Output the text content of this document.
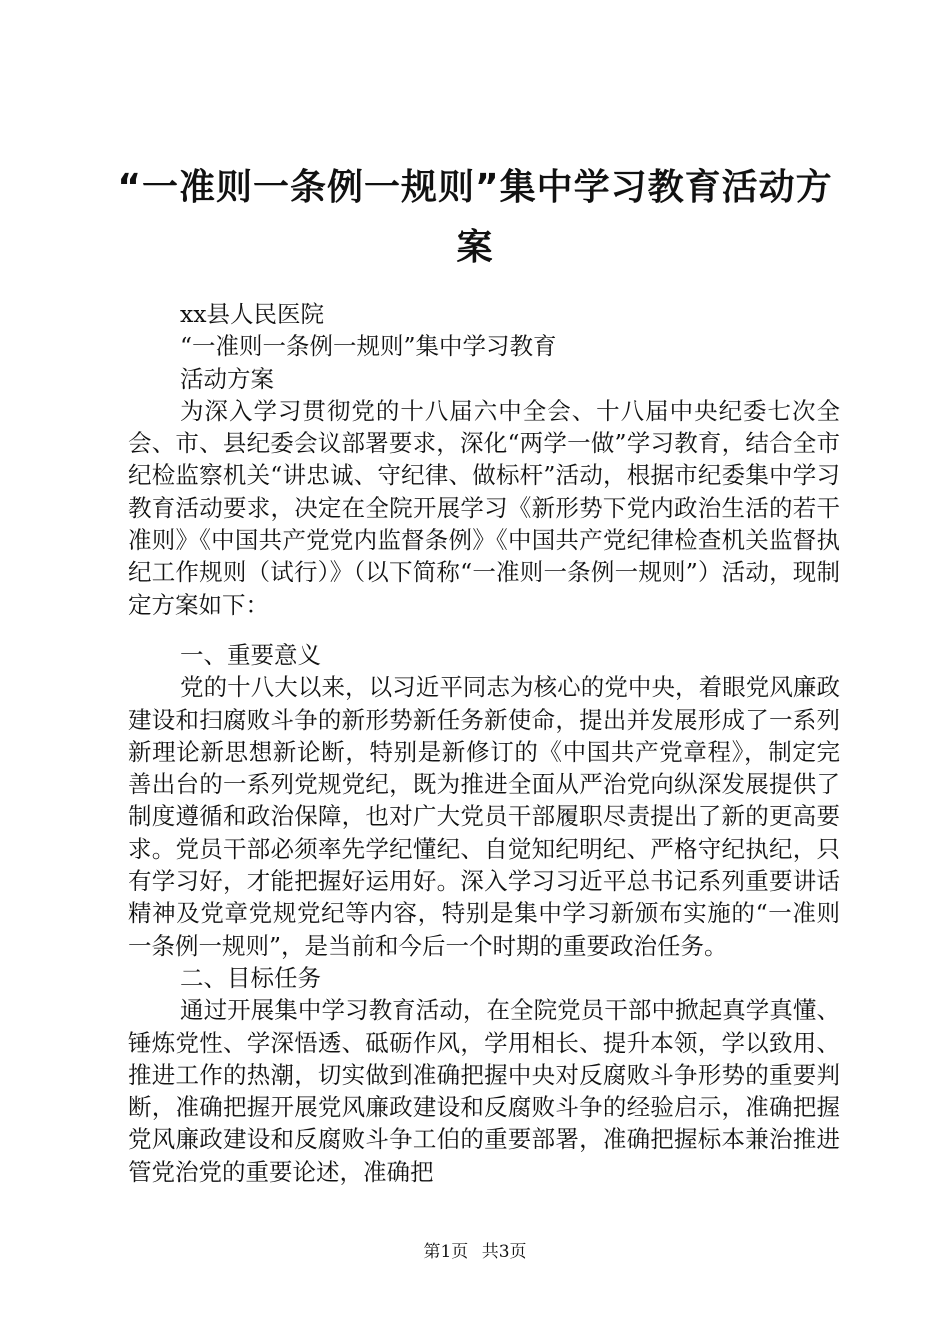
“一准则一条例一规则”集中学习教育活动方案

xx县人民医院

“一准则一条例一规则”集中学习教育

活动方案

为深入学习贯彻党的十八届六中全会、十八届中央纪委七次全会、市、县纪委会议部署要求，深化“两学一做”学习教育，结合全市纪检监察机关“讲忠诚、守纪律、做标杆”活动，根据市纪委集中学习教育活动要求，决定在全院开展学习《新形势下党内政治生活的若干准则》《中国共产党党内监督条例》《中国共产党纪律检查机关监督执纪工作规则（试行）》（以下简称“一准则一条例一规则”）活动，现制定方案如下：

一、重要意义

党的十八大以来，以习近平同志为核心的党中央，着眼党风廉政建设和扫腐败斗争的新形势新任务新使命，提出并发展形成了一系列新理论新思想新论断，特别是新修订的《中国共产党章程》，制定完善出台的一系列党规党纪，既为推进全面从严治党向纵深发展提供了制度遵循和政治保障，也对广大党员干部履职尽责提出了新的更高要求。党员干部必须率先学纪懂纪、自觉知纪明纪、严格守纪执纪，只有学习好，才能把握好运用好。深入学习习近平总书记系列重要讲话精神及党章党规党纪等内容，特别是集中学习新颁布实施的“一准则一条例一规则”，是当前和今后一个时期的重要政治任务。

二、目标任务

通过开展集中学习教育活动，在全院党员干部中掀起真学真懂、锤炼党性、学深悟透、砥砺作风，学用相长、提升本领，学以致用、推进工作的热潮，切实做到准确把握中央对反腐败斗争形势的重要判断，准确把握开展党风廉政建设和反腐败斗争的经验启示，准确把握党风廉政建设和反腐败斗争工伯的重要部署，准确把握标本兼治推进管党治党的重要论述，准确把

第1页 共3页
